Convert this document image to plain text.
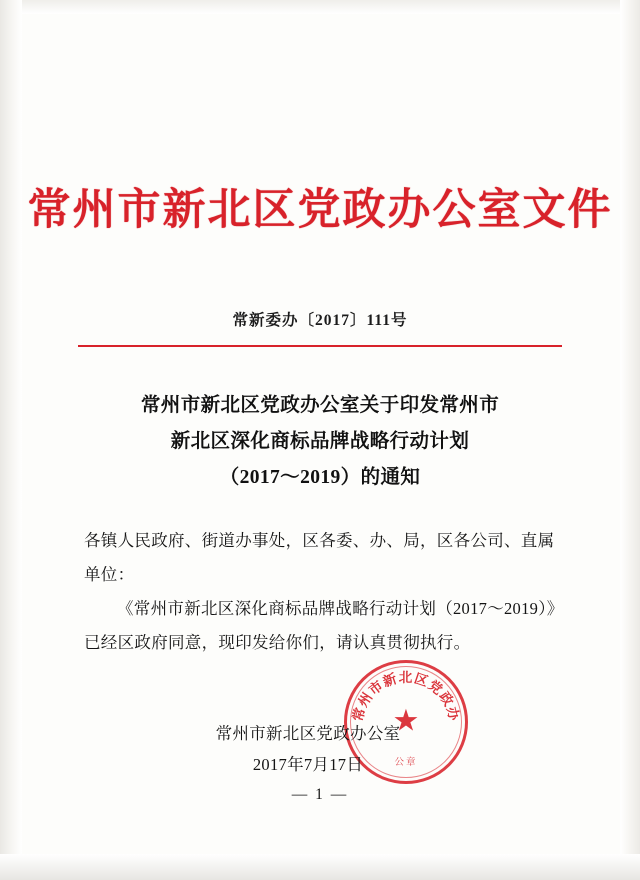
常州市新北区党政办公室文件
常新委办〔2017〕111号
常州市新北区党政办公室关于印发常州市
新北区深化商标品牌战略行动计划
（2017～2019）的通知

各镇人民政府、街道办事处，区各委、办、局，区各公司、直属

单位：

《常州市新北区深化商标品牌战略行动计划（2017～2019）》

已经区政府同意，现印发给你们，请认真贯彻执行。

常州市新北区党政办
★
公章
常州市新北区党政办公室
2017年7月17日
— 1 —
